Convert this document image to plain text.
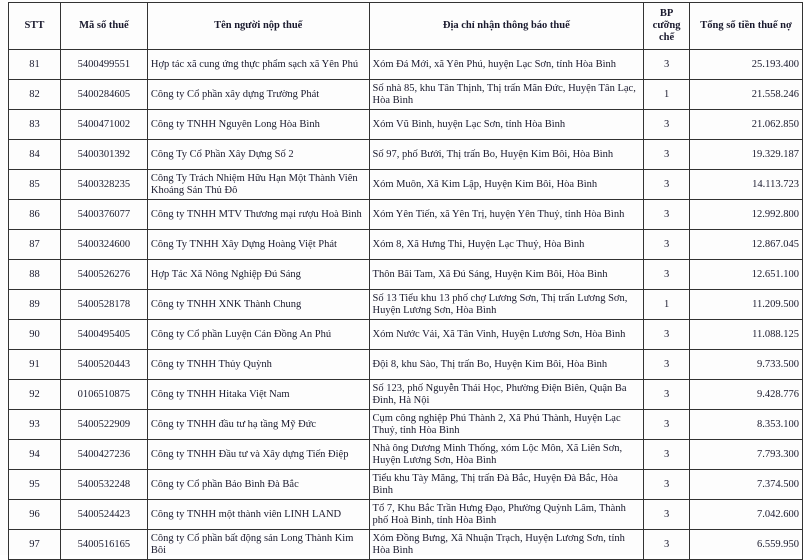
STT	Mã số thuế	Tên người nộp thuế	Địa chỉ nhận thông báo thuế	BP cưỡng chế	Tổng số tiền thuế nợ
81	5400499551	Hợp tác xã cung ứng thực phẩm sạch xã Yên Phú	Xóm Đá Mới, xã Yên Phú, huyện Lạc Sơn, tỉnh Hòa Bình	3	25.193.400
82	5400284605	Công ty Cổ phần xây dựng Trường Phát	Số nhà 85, khu Tân Thịnh, Thị trấn Mãn Đức, Huyện Tân Lạc, Hòa Bình	1	21.558.246
83	5400471002	Công ty TNHH Nguyên Long Hòa Bình	Xóm Vũ Bình, huyện Lạc Sơn, tỉnh Hòa Bình	3	21.062.850
84	5400301392	Công Ty Cổ Phần Xây Dựng Số 2	Số 97, phố Bưởi, Thị trấn Bo, Huyện Kim Bôi, Hòa Bình	3	19.329.187
85	5400328235	Công Ty Trách Nhiệm Hữu Hạn Một Thành Viên Khoáng Sản Thủ Đô	Xóm Muôn, Xã Kim Lập, Huyện Kim Bôi, Hòa Bình	3	14.113.723
86	5400376077	Công ty TNHH MTV Thương mại rượu Hoà Bình	Xóm Yên Tiến, xã Yên Trị, huyện Yên Thuỷ, tỉnh Hòa Bình	3	12.992.800
87	5400324600	Công Ty TNHH Xây Dựng Hoàng Việt Phát	Xóm 8, Xã Hưng Thi, Huyện Lạc Thuỷ, Hòa Bình	3	12.867.045
88	5400526276	Hợp Tác Xã Nông Nghiệp Đú Sáng	Thôn Bãi Tam, Xã Đú Sáng, Huyện Kim Bôi, Hòa Bình	3	12.651.100
89	5400528178	Công ty TNHH XNK Thành Chung	Số 13 Tiểu khu 13 phố chợ Lương Sơn, Thị trấn Lương Sơn, Huyện Lương Sơn, Hòa Bình	1	11.209.500
90	5400495405	Công ty Cổ phần Luyện Cán Đồng An Phú	Xóm Nước Vải, Xã Tân Vinh, Huyện Lương Sơn, Hòa Bình	3	11.088.125
91	5400520443	Công ty TNHH Thủy Quỳnh	Đội 8, khu Sào, Thị trấn Bo, Huyện Kim Bôi, Hòa Bình	3	9.733.500
92	0106510875	Công ty TNHH Hitaka Việt Nam	Số 123, phố Nguyễn Thái Học, Phường Điện Biên, Quận Ba Đình, Hà Nội	3	9.428.776
93	5400522909	Công ty TNHH đầu tư hạ tầng Mỹ Đức	Cụm công nghiệp Phú Thành 2, Xã Phú Thành, Huyện Lạc Thuỷ, tỉnh Hòa Bình	3	8.353.100
94	5400427236	Công ty TNHH Đầu tư và Xây dựng Tiến Điệp	Nhà ông Dương Minh Thống, xóm Lộc Môn, Xã Liên Sơn, Huyện Lương Sơn, Hòa Bình	3	7.793.300
95	5400532248	Công ty Cổ phần Bảo Bình Đà Bắc	Tiểu khu Tày Măng, Thị trấn Đà Bắc, Huyện Đà Bắc, Hòa Bình	3	7.374.500
96	5400524423	Công ty TNHH một thành viên LINH LAND	Tổ 7, Khu Bắc Trần Hưng Đạo, Phường Quỳnh Lâm, Thành phố Hoà Bình, tỉnh Hòa Bình	3	7.042.600
97	5400516165	Công ty Cổ phần bất động sản Long Thành Kim Bôi	Xóm Đồng Bưng, Xã Nhuận Trạch, Huyện Lương Sơn, tỉnh Hòa Bình	3	6.559.950
